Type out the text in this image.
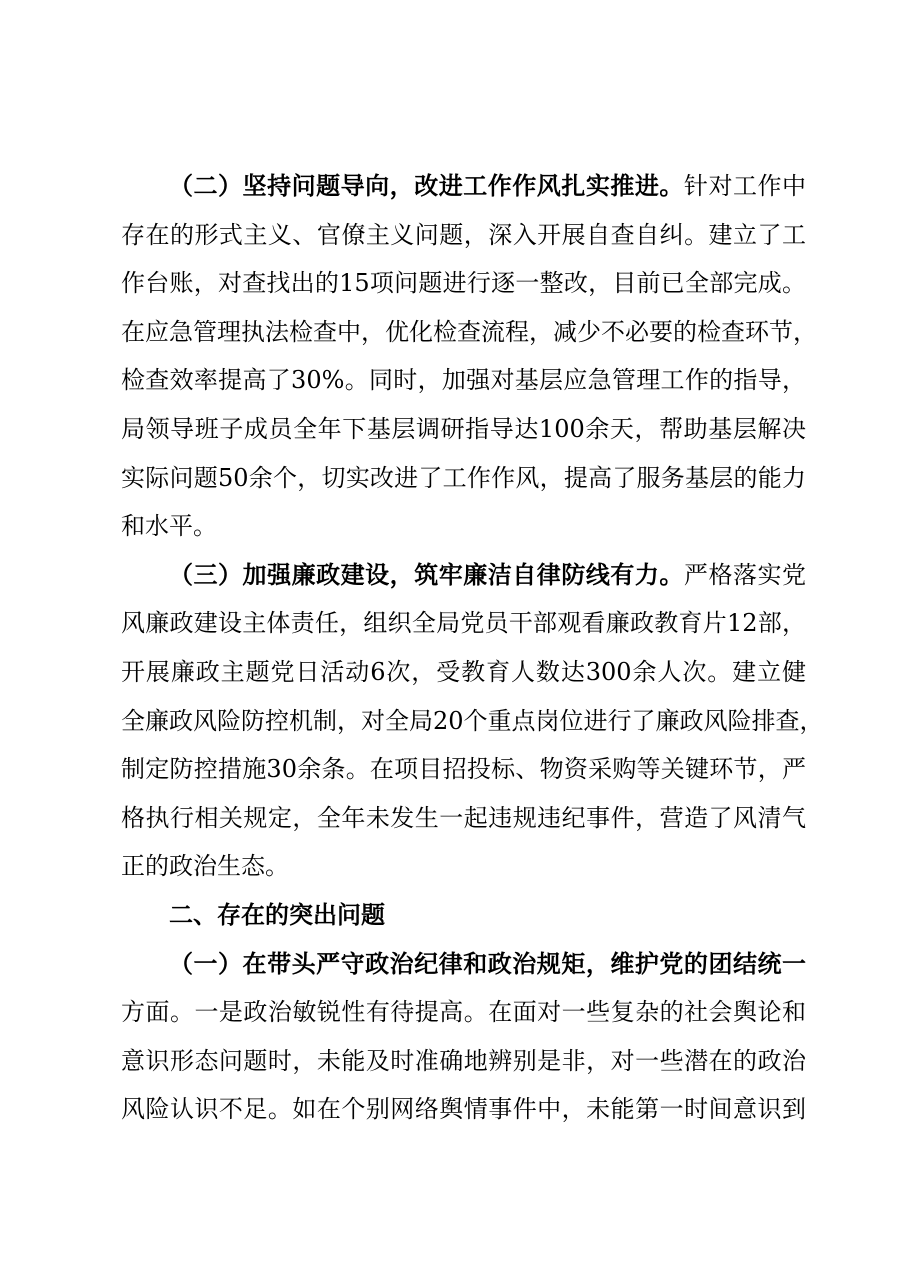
（二）坚持问题导向，改进工作作风扎实推进。针对工作中
存在的形式主义、官僚主义问题，深入开展自查自纠。建立了工
作台账，对查找出的15项问题进行逐一整改，目前已全部完成。
在应急管理执法检查中，优化检查流程，减少不必要的检查环节，
检查效率提高了30%。同时，加强对基层应急管理工作的指导，
局领导班子成员全年下基层调研指导达100余天，帮助基层解决
实际问题50余个，切实改进了工作作风，提高了服务基层的能力
和水平。
（三）加强廉政建设，筑牢廉洁自律防线有力。严格落实党
风廉政建设主体责任，组织全局党员干部观看廉政教育片12部，
开展廉政主题党日活动6次，受教育人数达300余人次。建立健
全廉政风险防控机制，对全局20个重点岗位进行了廉政风险排查，
制定防控措施30余条。在项目招投标、物资采购等关键环节，严
格执行相关规定，全年未发生一起违规违纪事件，营造了风清气
正的政治生态。
二、存在的突出问题
（一）在带头严守政治纪律和政治规矩，维护党的团结统一
方面。一是政治敏锐性有待提高。在面对一些复杂的社会舆论和
意识形态问题时，未能及时准确地辨别是非，对一些潜在的政治
风险认识不足。如在个别网络舆情事件中，未能第一时间意识到
